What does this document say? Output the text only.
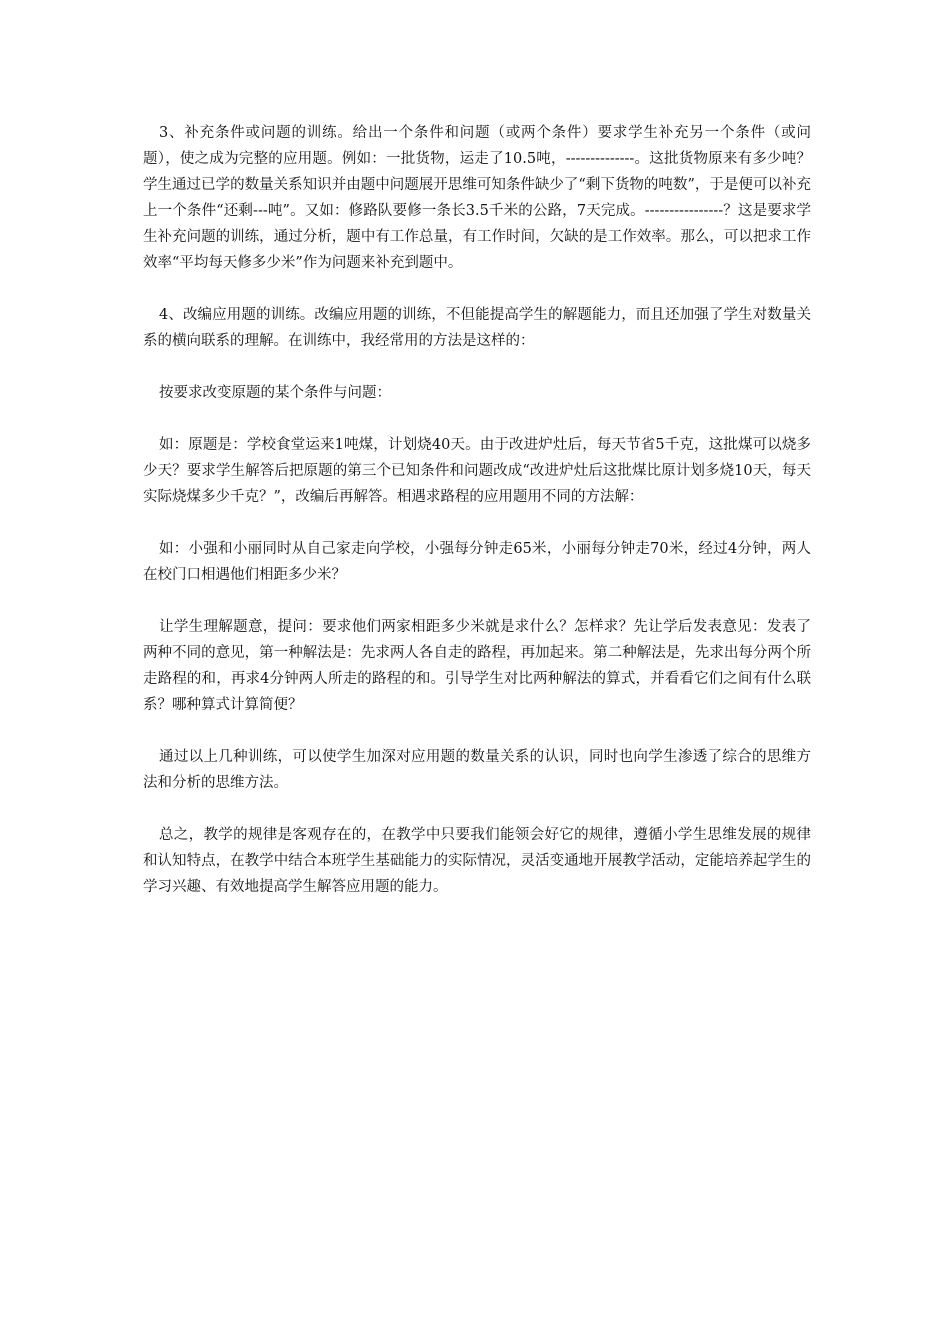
3、补充条件或问题的训练。给出一个条件和问题（或两个条件）要求学生补充另一个条件（或问题），使之成为完整的应用题。例如：一批货物，运走了10.5吨，--------------。这批货物原来有多少吨？学生通过已学的数量关系知识并由题中问题展开思维可知条件缺少了“剩下货物的吨数”，于是便可以补充上一个条件“还剩---吨”。又如：修路队要修一条长3.5千米的公路，7天完成。----------------？这是要求学生补充问题的训练，通过分析，题中有工作总量，有工作时间，欠缺的是工作效率。那么，可以把求工作效率“平均每天修多少米”作为问题来补充到题中。

4、改编应用题的训练。改编应用题的训练，不但能提高学生的解题能力，而且还加强了学生对数量关系的横向联系的理解。在训练中，我经常用的方法是这样的：

按要求改变原题的某个条件与问题：

如：原题是：学校食堂运来1吨煤，计划烧40天。由于改进炉灶后，每天节省5千克，这批煤可以烧多少天？要求学生解答后把原题的第三个已知条件和问题改成“改进炉灶后这批煤比原计划多烧10天，每天实际烧煤多少千克？”，改编后再解答。相遇求路程的应用题用不同的方法解：

如：小强和小丽同时从自己家走向学校，小强每分钟走65米，小丽每分钟走70米，经过4分钟，两人在校门口相遇他们相距多少米？

让学生理解题意，提问：要求他们两家相距多少米就是求什么？怎样求？先让学后发表意见：发表了两种不同的意见，第一种解法是：先求两人各自走的路程，再加起来。第二种解法是，先求出每分两个所走路程的和，再求4分钟两人所走的路程的和。引导学生对比两种解法的算式，并看看它们之间有什么联系？哪种算式计算简便？

通过以上几种训练，可以使学生加深对应用题的数量关系的认识，同时也向学生渗透了综合的思维方法和分析的思维方法。

总之，教学的规律是客观存在的，在教学中只要我们能领会好它的规律，遵循小学生思维发展的规律和认知特点，在教学中结合本班学生基础能力的实际情况，灵活变通地开展教学活动，定能培养起学生的学习兴趣、有效地提高学生解答应用题的能力。
